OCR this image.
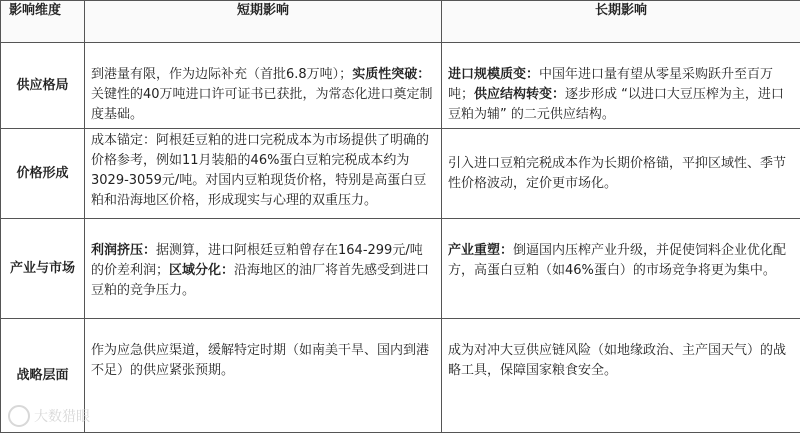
影响维度	短期影响	长期影响
供应格局	到港量有限，作为边际补充（首批6.8万吨）；实质性突破：关键性的40万吨进口许可证书已获批，为常态化进口奠定制度基础。	进口规模质变：中国年进口量有望从零星采购跃升至百万吨；供应结构转变：逐步形成 “以进口大豆压榨为主，进口豆粕为辅” 的二元供应结构。
价格形成	成本锚定：阿根廷豆粕的进口完税成本为市场提供了明确的价格参考，例如11月装船的46%蛋白豆粕完税成本约为3029-3059元/吨。对国内豆粕现货价格，特别是高蛋白豆粕和沿海地区价格，形成现实与心理的双重压力。	引入进口豆粕完税成本作为长期价格锚，平抑区域性、季节性价格波动，定价更市场化。
产业与市场	利润挤压：据测算，进口阿根廷豆粕曾存在164-299元/吨的价差利润；区域分化：沿海地区的油厂将首先感受到进口豆粕的竞争压力。	产业重塑：倒逼国内压榨产业升级，并促使饲料企业优化配方，高蛋白豆粕（如46%蛋白）的市场竞争将更为集中。
战略层面	作为应急供应渠道，缓解特定时期（如南美干旱、国内到港不足）的供应紧张预期。	成为对冲大豆供应链风险（如地缘政治、主产国天气）的战略工具，保障国家粮食安全。
大数猎眼
